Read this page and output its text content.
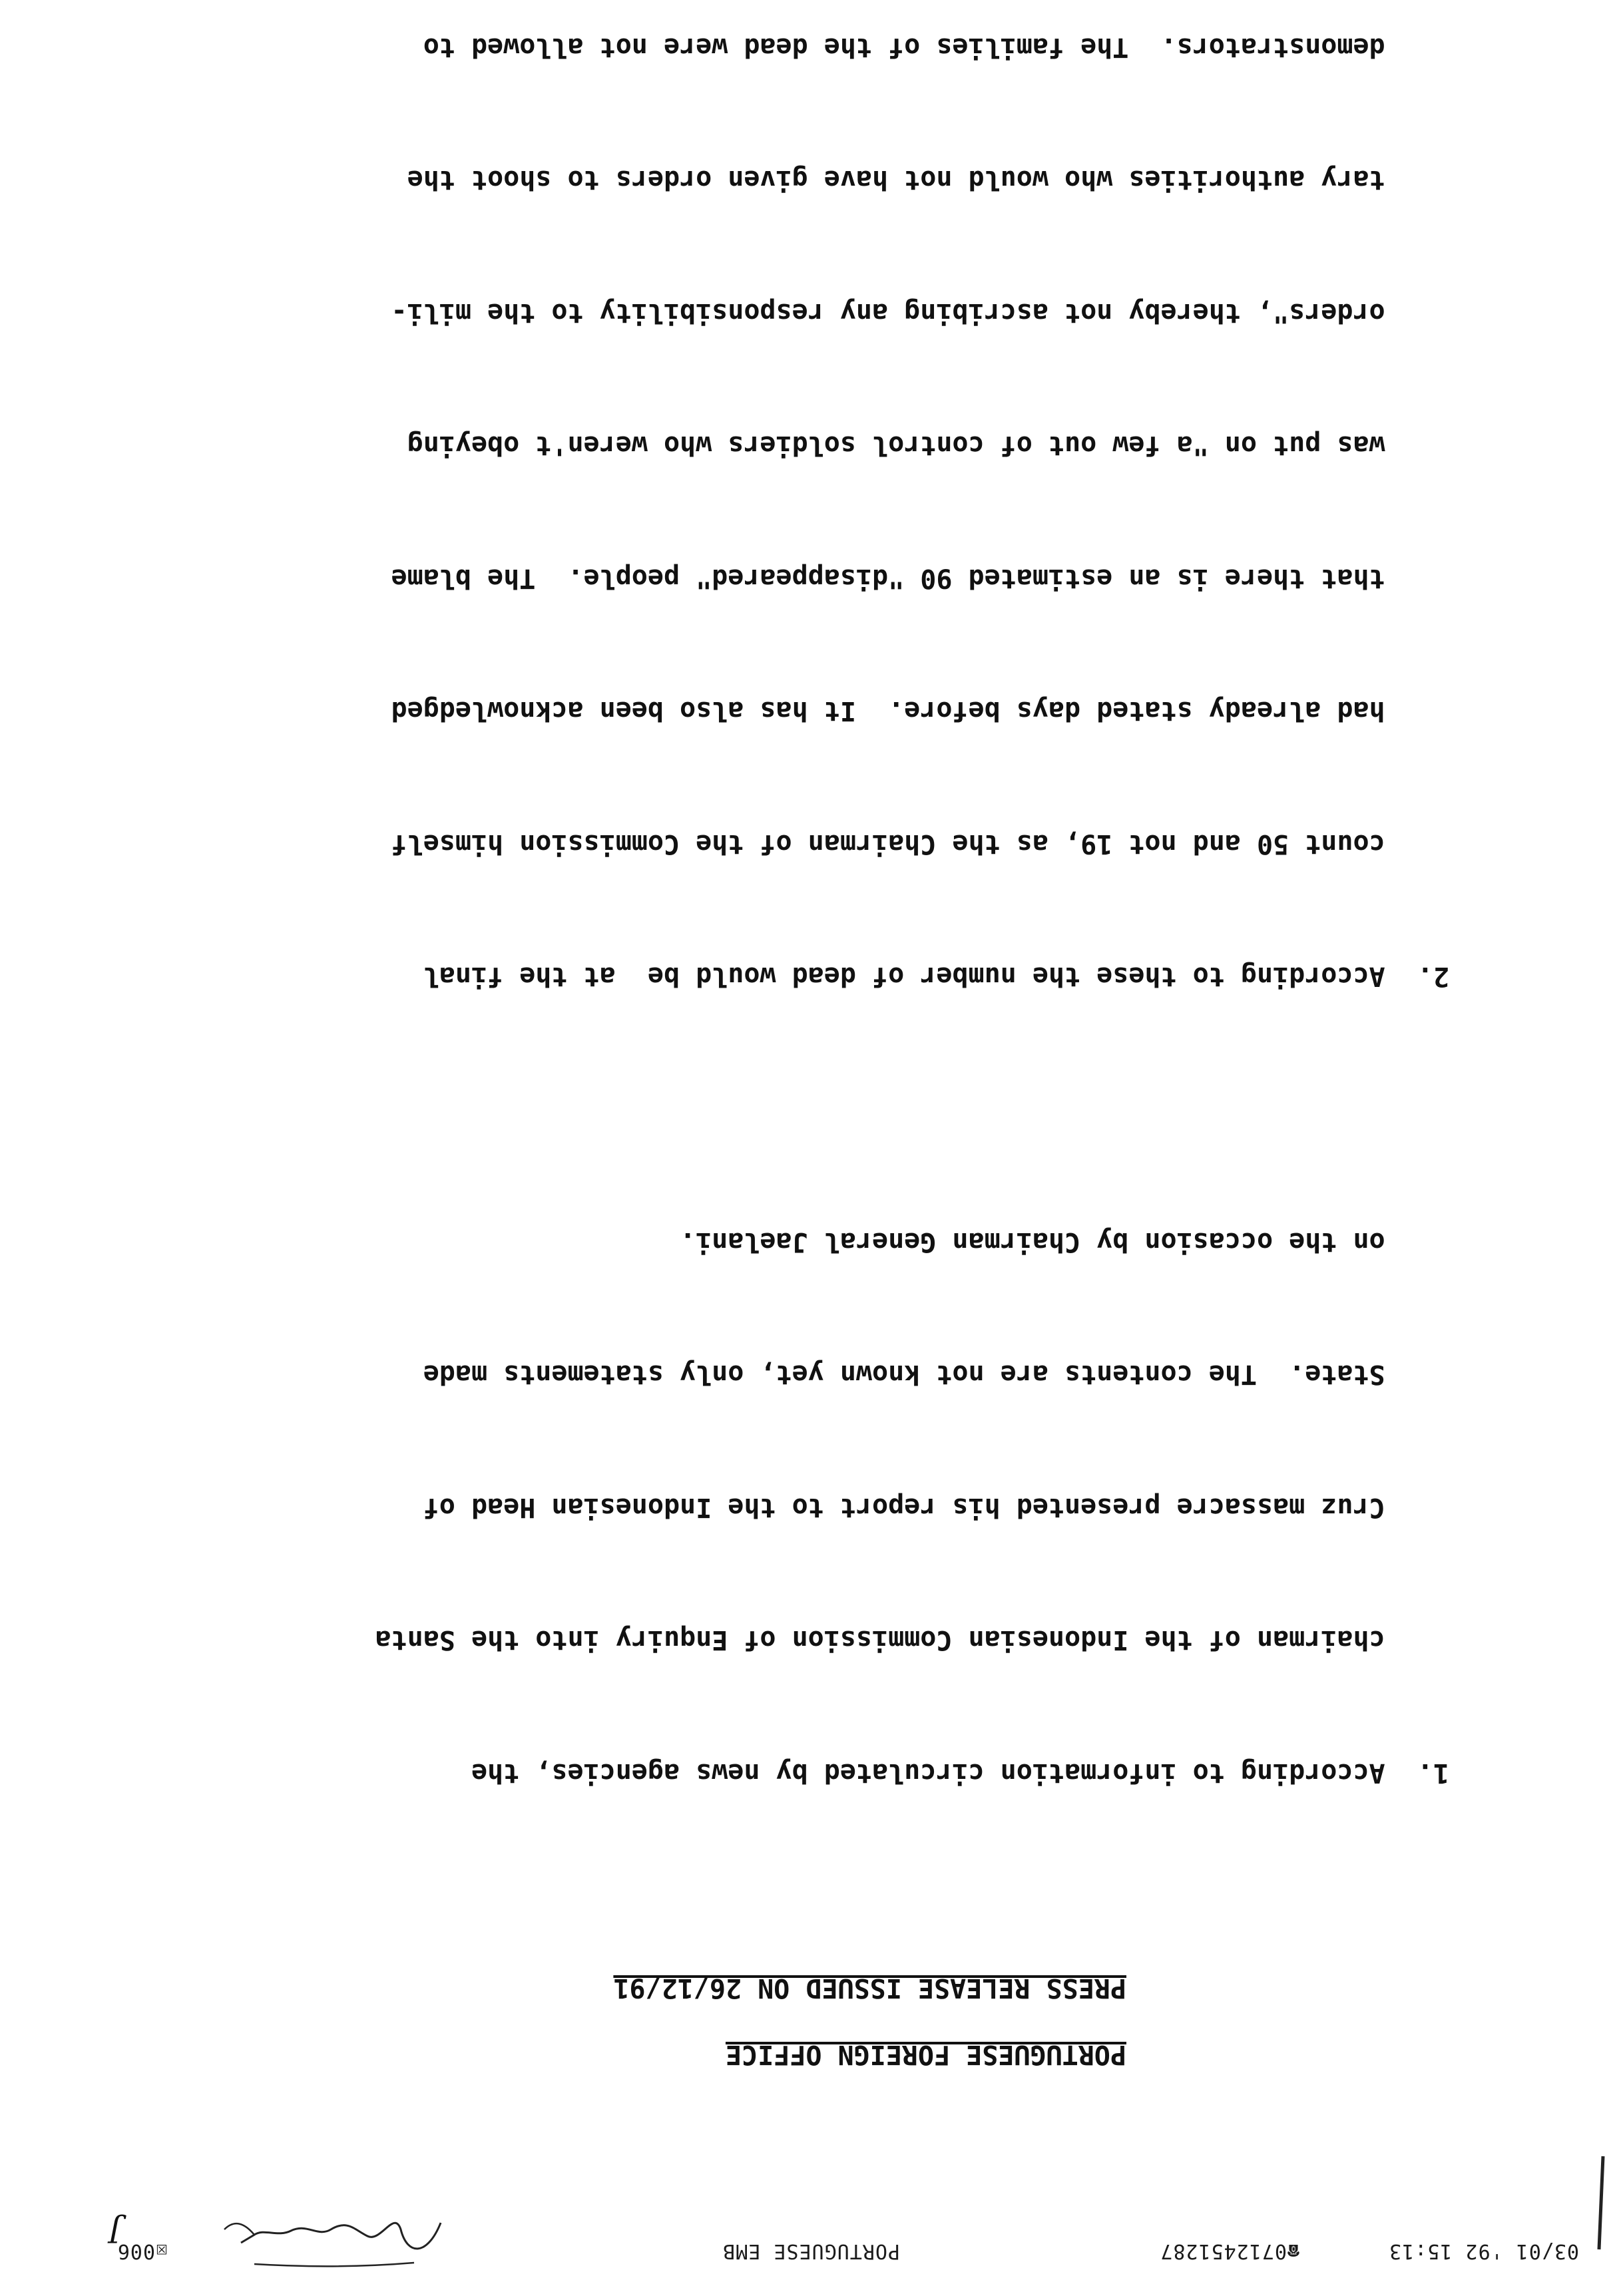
03/01 '92 15:13
☎0712451287
PORTUGUESE EMB
☒006
J
PORTUGUESE FOREIGN OFFICE
PRESS RELEASE ISSUED ON 26/12/91

1.  According to information circulated by news agencies, the

chairman of the Indonesian Commission of Enquiry into the Santa

Cruz massacre presented his report to the Indonesian Head of

State.  The contents are not known yet, only statements made

on the occasion by Chairman General Jaelani.

2.  According to these the number of dead would be  at the final

count 50 and not 19, as the Chairman of the Commission himself

had already stated days before.  It has also been acknowledged

that there is an estimated 90 "disappeared" people.  The blame

was put on "a few out of control soldiers who weren't obeying

orders", thereby not ascribing any responsibility to the mili-

tary authorities who would not have given orders to shoot the

demonstrators.  The families of the dead were not allowed to
